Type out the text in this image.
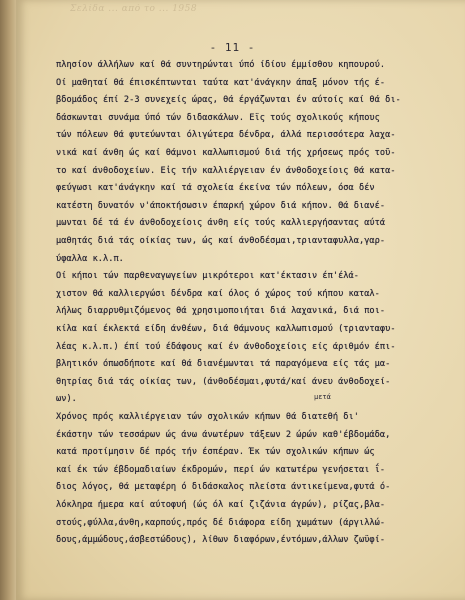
Σελίδα ... από το ... 1958
- 11 -
πλησίον άλλήλων καί θά συντηρώνται ύπό ίδίου έμμίσθου κηπουρού.
Οί μαθηταί θά έπισκέπτωνται ταύτα κατ'άνάγκην άπαξ μόνον τής έ-
βδομάδος έπί 2-3 συνεχείς ώρας, θά έργάζωνται έν αύτοίς καί θά δι-
δάσκωνται συνάμα ύπό τών διδασκάλων. Εϊς τούς σχολικούς κήπους
τών πόλεων θά φυτεύωνται όλιγώτερα δένδρα, άλλά περισσότερα λαχα-
νικά καί άνθη ώς καί θάμνοι καλλωπισμού διά τής χρήσεως πρός τοῦ-
το καί άνθοδοχείων. Εἰς τήν καλλιέργειαν έν άνθοδοχείοις θά κατα-
φεύγωσι κατ'άνάγκην καί τά σχολεία έκείνα τών πόλεων, όσα δέν
κατέστη δυνατόν ν'άποκτήσωσιν έπαρκή χώρον διά κήπον. Θά διανέ-
μωνται δέ τά έν άνθοδοχείοις άνθη είς τούς καλλιεργήσαντας αύτά
μαθητάς διά τάς οίκίας των, ώς καί άνθοδέσμαι,τριανταφυλλα,γαρ-
ύφαλλα κ.λ.π.
Οί κήποι τών παρθεναγωγείων μικρότεροι κατ'έκτασιν έπ'έλά-
χιστον θά καλλιεργώσι δένδρα καί όλος ό χώρος τού κήπου καταλ-
λήλως διαρρυθμιζόμενος θά χρησιμοποιήται διά λαχανικά, διά ποι-
κίλα καί έκλεκτά είδη άνθέων, διά θάμνους καλλωπισμού (τριανταφυ-
λέας κ.λ.π.) έπί τού έδάφους καί έν άνθοδοχείοις είς άριθμόν έπι-
βλητικόν όπωσδήποτε καί θά διανέμωνται τά παραγόμενα είς τάς μα-
θητρίας διά τάς οίκίας των, (άνθοδέσμαι,φυτά/καί άνευ άνθοδοχεί-
ων).
Χρόνος πρός καλλιέργειαν τών σχολικών κήπων θά διατεθή δι'
έκάστην τών τεσσάρων ώς άνω άνωτέρων τάξεων 2 ώρών καθ'έβδομάδα,
κατά προτίμησιν δέ πρός τήν έσπέραν. Έκ τών σχολικών κήπων ώς
καί έκ τών έβδομαδιαίων έκδρομών, περί ών κατωτέρω γενήσεται ΐ-
διος λόγος, θά μεταφέρη ό διδάσκαλος πλείστα άντικείμενα,φυτά ό-
λόκληρα ήμερα καί αύτοφυή (ώς όλ καί ζιζάνια άγρών), ρίζας,βλα-
στούς,φύλλα,άνθη,καρπούς,πρός δέ διάφορα είδη χωμάτων (άργιλλώ-
δους,άμμώδους,άσβεστώδους), λίθων διαφόρων,έντόμων,άλλων ζωϋφί-
μετά
